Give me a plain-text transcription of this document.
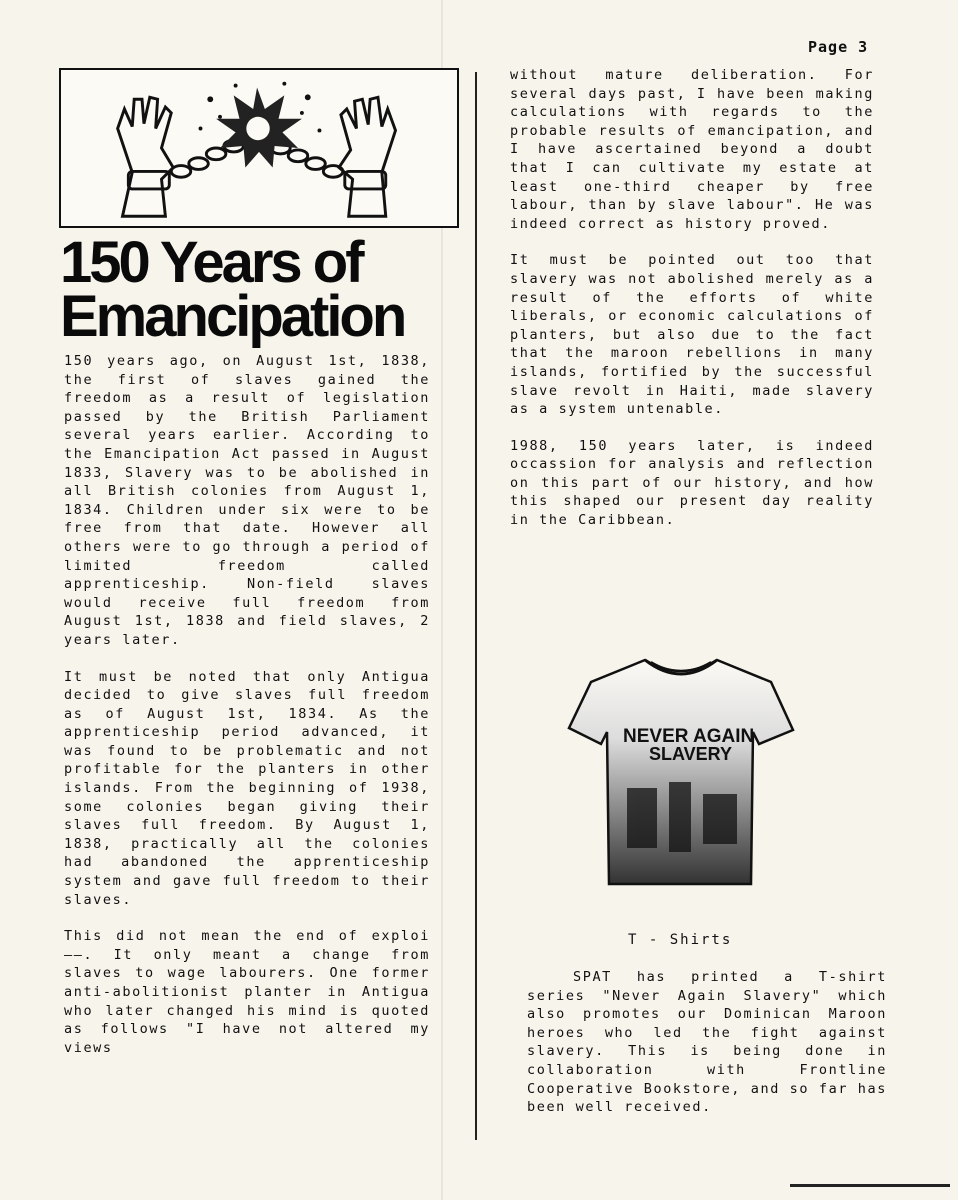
Page 3
150 Years of
Emancipation

150 years ago, on August 1st, 1838, the first of slaves gained the freedom as a result of legislation passed by the British Parliament several years earlier. According to the Emancipation Act passed in August 1833, Slavery was to be abolished in all British colonies from August 1, 1834. Children under six were to be free from that date. However all others were to go through a period of limited freedom called apprenticeship. Non-field slaves would receive full freedom from August 1st, 1838 and field slaves, 2 years later.

It must be noted that only Antigua decided to give slaves full freedom as of August 1st, 1834. As the apprenticeship period advanced, it was found to be problematic and not profitable for the planters in other islands. From the beginning of 1938, some colonies began giving their slaves full freedom. By August 1, 1838, practically all the colonies had abandoned the apprenticeship system and gave full freedom to their slaves.

This did not mean the end of exploi——. It only meant a change from slaves to wage labourers. One former anti-abolitionist planter in Antigua who later changed his mind is quoted as follows "I have not altered my views

without mature deliberation. For several days past, I have been making calculations with regards to the probable results of emancipation, and I have ascertained beyond a doubt that I can cultivate my estate at least one-third cheaper by free labour, than by slave labour". He was indeed correct as history proved.

It must be pointed out too that slavery was not abolished merely as a result of the efforts of white liberals, or economic calculations of planters, but also due to the fact that the maroon rebellions in many islands, fortified by the successful slave revolt in Haiti, made slavery as a system untenable.

1988, 150 years later, is indeed occassion for analysis and reflection on this part of our history, and how this shaped our present day reality in the Caribbean.

NEVER AGAIN
SLAVERY
T - Shirts

SPAT has printed a T-shirt series "Never Again Slavery" which also promotes our Dominican Maroon heroes who led the fight against slavery. This is being done in collaboration with Frontline Cooperative Bookstore, and so far has been well received.
